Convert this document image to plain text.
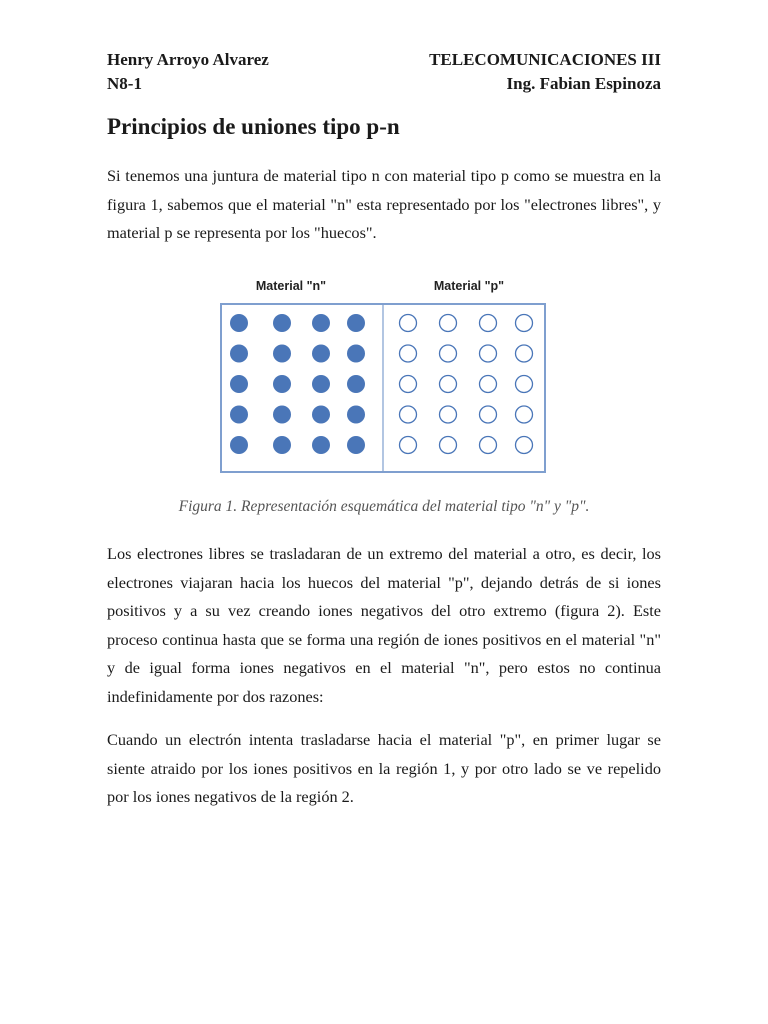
Henry Arroyo Alvarez	TELECOMUNICACIONES III
N8-1	Ing. Fabian Espinoza
Principios de uniones tipo p-n

Si tenemos una juntura de material tipo n con material tipo p como se muestra en la figura 1, sabemos que el material "n" esta representado por los "electrones libres", y material p se representa por los "huecos".

Material "n"	Material "p"

Figura 1. Representación esquemática del material tipo "n" y "p".

Los electrones libres se trasladaran de un extremo del material a otro, es decir, los electrones viajaran hacia los huecos del material "p", dejando detrás de si iones positivos y a su vez creando iones negativos del otro extremo (figura 2). Este proceso continua hasta que se forma una región de iones positivos en el material "n" y de igual forma iones negativos en el material "n", pero estos no continua indefinidamente por dos razones:

Cuando un electrón intenta trasladarse hacia el material "p", en primer lugar se siente atraido por los iones positivos en la región 1, y por otro lado se ve repelido por los iones negativos de la región 2.
